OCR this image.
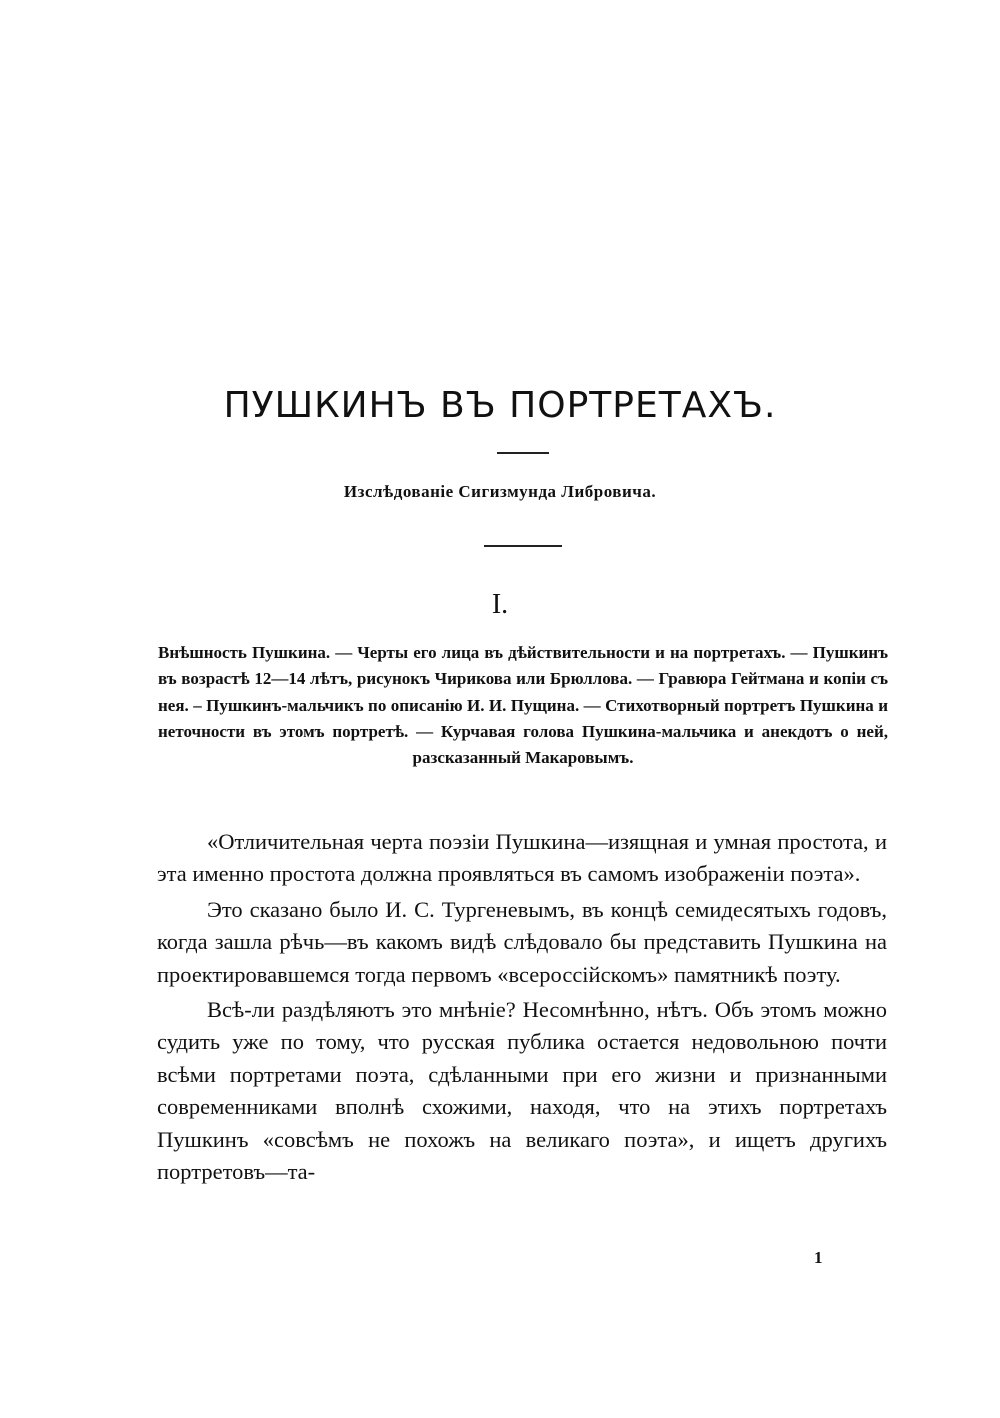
ПУШКИНЪ ВЪ ПОРТРЕТАХЪ.
Изслѣдованіе Сигизмунда Либровича.
I.

Внѣшность Пушкина. — Черты его лица въ дѣйствительности и на портретахъ. — Пушкинъ въ возрастѣ 12—14 лѣтъ, рисунокъ Чирикова или Брюллова. — Гравюра Гейтмана и копіи съ нея. – Пушкинъ-мальчикъ по описанію И. И. Пущина. — Стихотворный портретъ Пушкина и неточности въ этомъ портретѣ. — Курчавая голова Пушкина-мальчика и анекдотъ о ней, разсказанный Макаровымъ.

«Отличительная черта поэзіи Пушкина—изящная и умная простота, и эта именно простота должна проявляться въ самомъ изображеніи поэта».

Это сказано было И. С. Тургеневымъ, въ концѣ семидесятыхъ годовъ, когда зашла рѣчь—въ какомъ видѣ слѣдовало бы представить Пушкина на проектировавшемся тогда первомъ «всероссійскомъ» памятникѣ поэту.

Всѣ-ли раздѣляютъ это мнѣніе? Несомнѣнно, нѣтъ. Объ этомъ можно судить уже по тому, что русская публика остается недовольною почти всѣми портретами поэта, сдѣланными при его жизни и признанными современниками вполнѣ схожими, находя, что на этихъ портретахъ Пушкинъ «совсѣмъ не похожъ на великаго поэта», и ищетъ другихъ портретовъ—та-

1
